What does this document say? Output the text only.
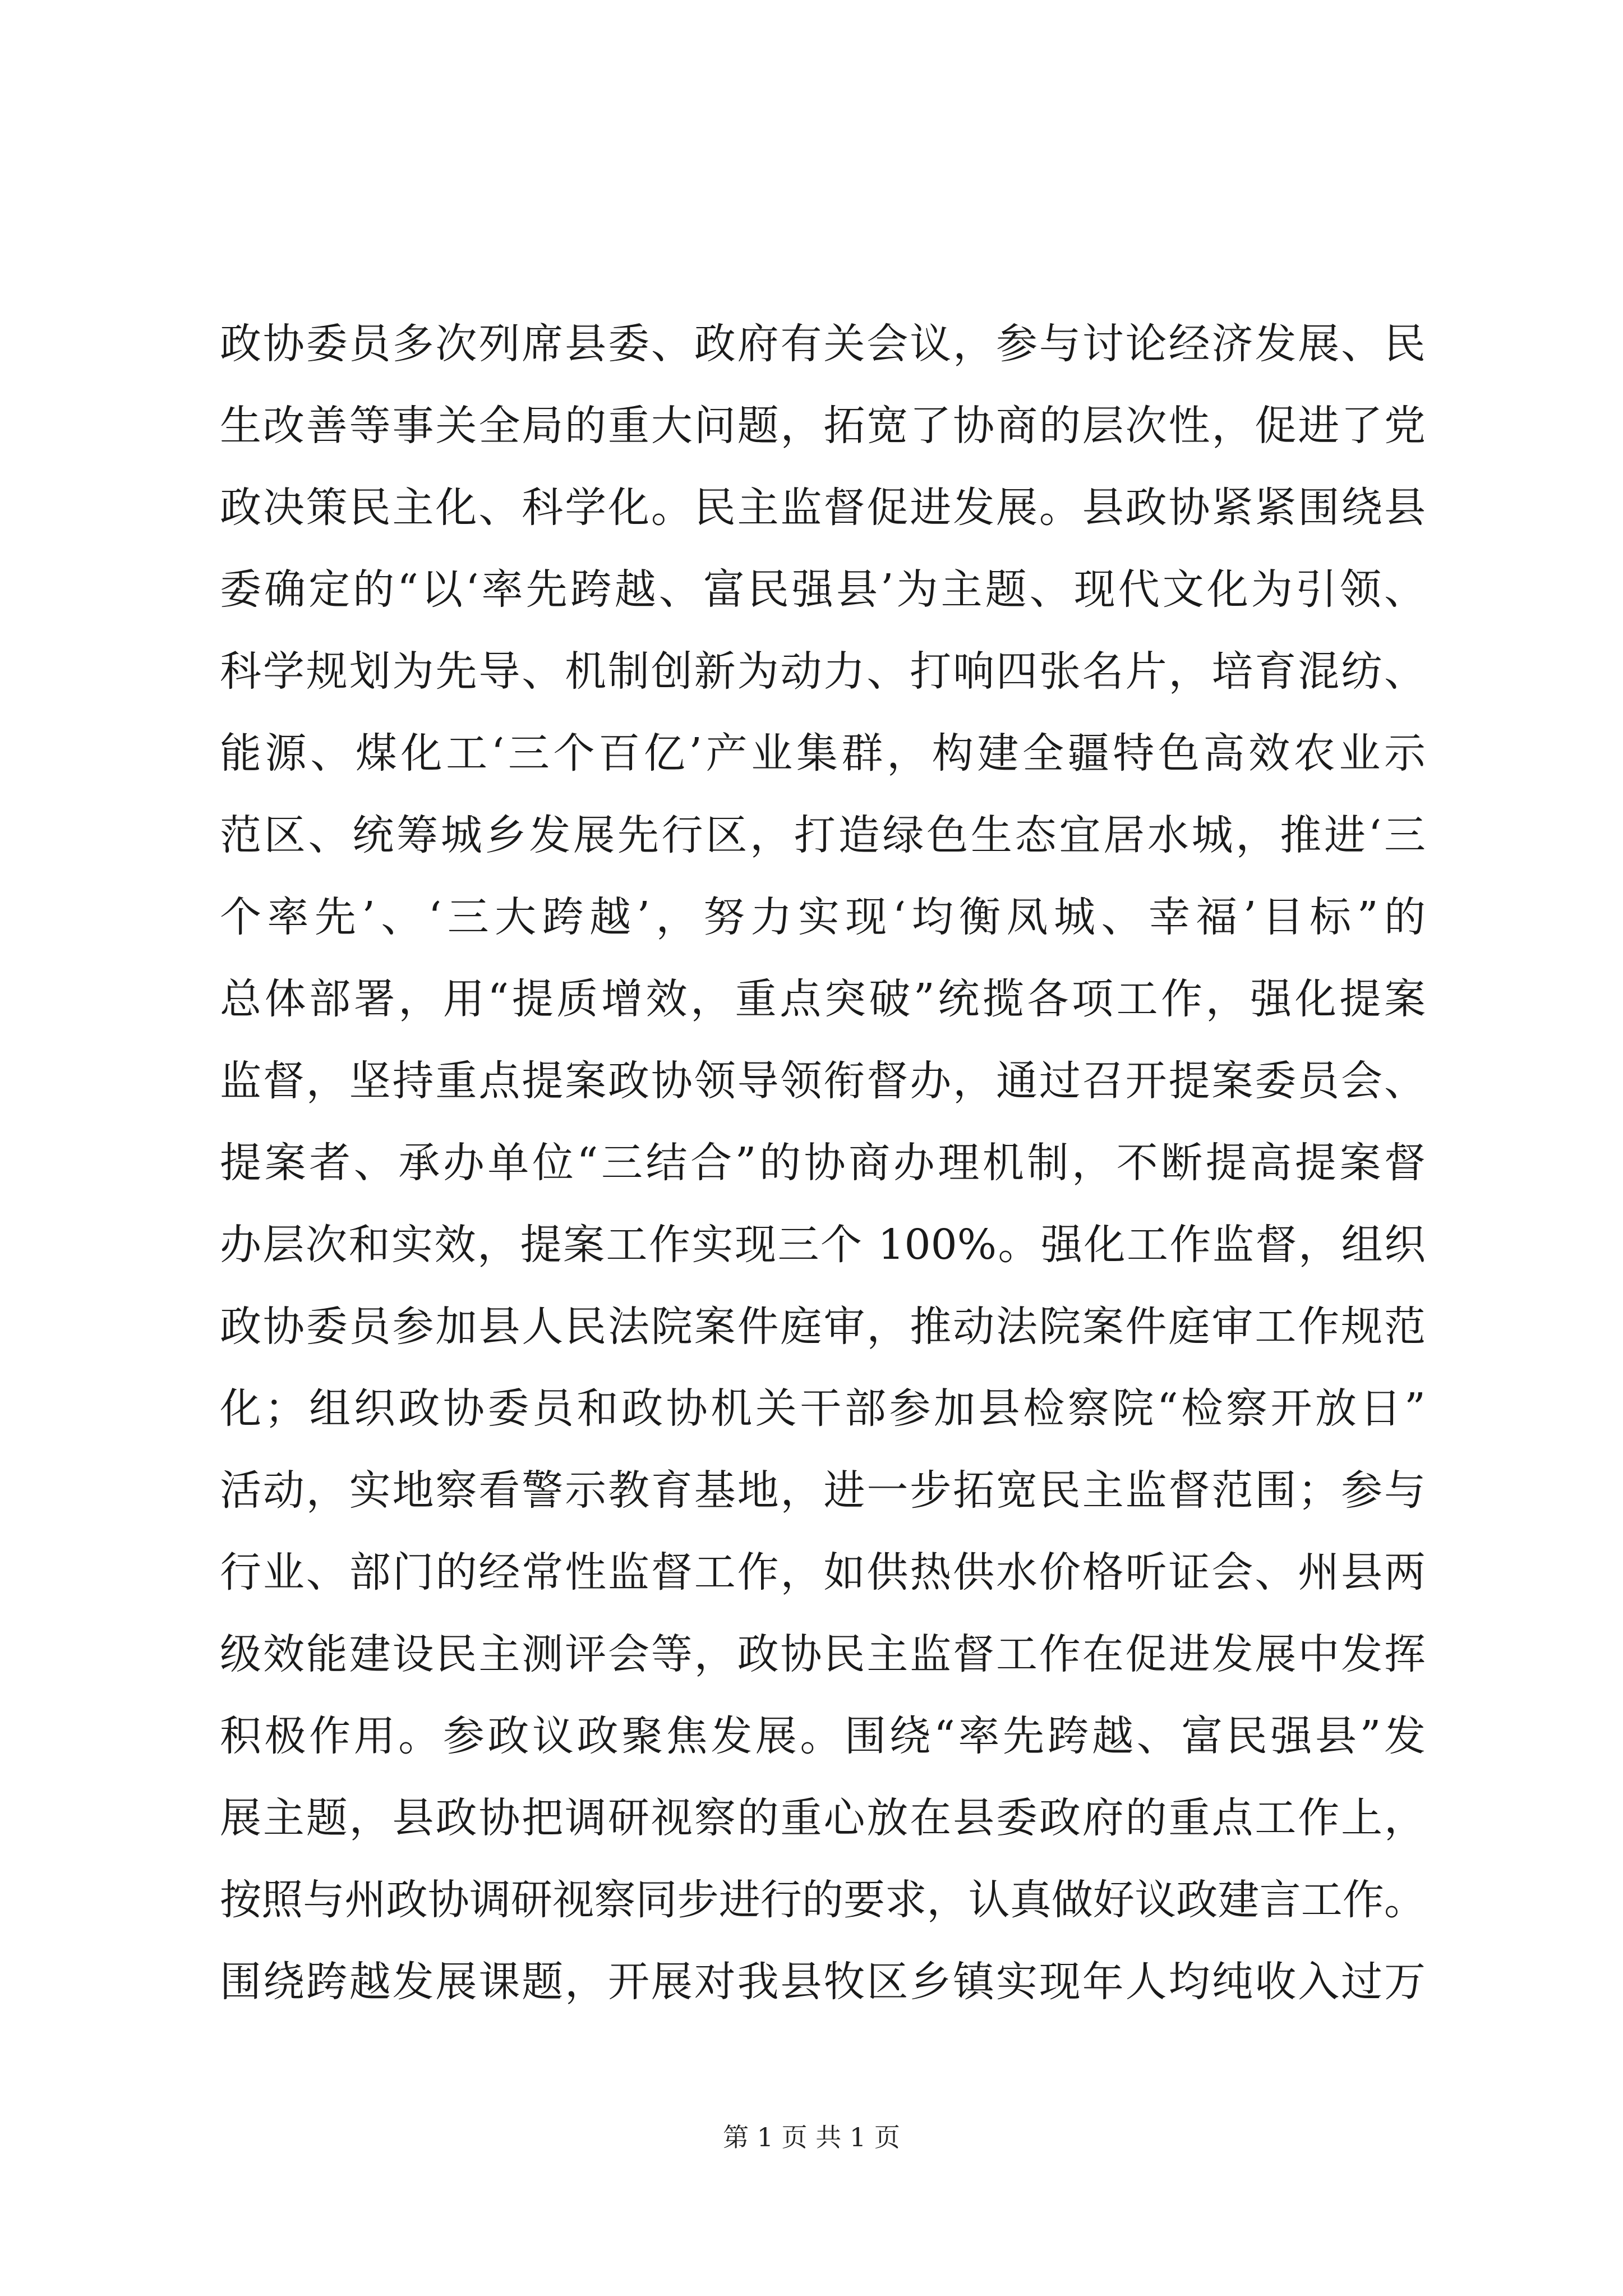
政协委员多次列席县委、政府有关会议，参与讨论经济发展、民
生改善等事关全局的重大问题，拓宽了协商的层次性，促进了党
政决策民主化、科学化。民主监督促进发展。县政协紧紧围绕县
委确定的“以‘率先跨越、富民强县’为主题、现代文化为引领、
科学规划为先导、机制创新为动力、打响四张名片，培育混纺、
能源、煤化工‘三个百亿’产业集群，构建全疆特色高效农业示
范区、统筹城乡发展先行区，打造绿色生态宜居水城，推进‘三
个率先’、‘三大跨越’，努力实现‘均衡凤城、幸福’目标”的
总体部署，用“提质增效，重点突破”统揽各项工作，强化提案
监督，坚持重点提案政协领导领衔督办，通过召开提案委员会、
提案者、承办单位“三结合”的协商办理机制，不断提高提案督
办层次和实效，提案工作实现三个 100%。强化工作监督，组织
政协委员参加县人民法院案件庭审，推动法院案件庭审工作规范
化；组织政协委员和政协机关干部参加县检察院“检察开放日”
活动，实地察看警示教育基地，进一步拓宽民主监督范围；参与
行业、部门的经常性监督工作，如供热供水价格听证会、州县两
级效能建设民主测评会等，政协民主监督工作在促进发展中发挥
积极作用。参政议政聚焦发展。围绕“率先跨越、富民强县”发
展主题，县政协把调研视察的重心放在县委政府的重点工作上，
按照与州政协调研视察同步进行的要求，认真做好议政建言工作。
围绕跨越发展课题，开展对我县牧区乡镇实现年人均纯收入过万
第 1 页 共 1 页
